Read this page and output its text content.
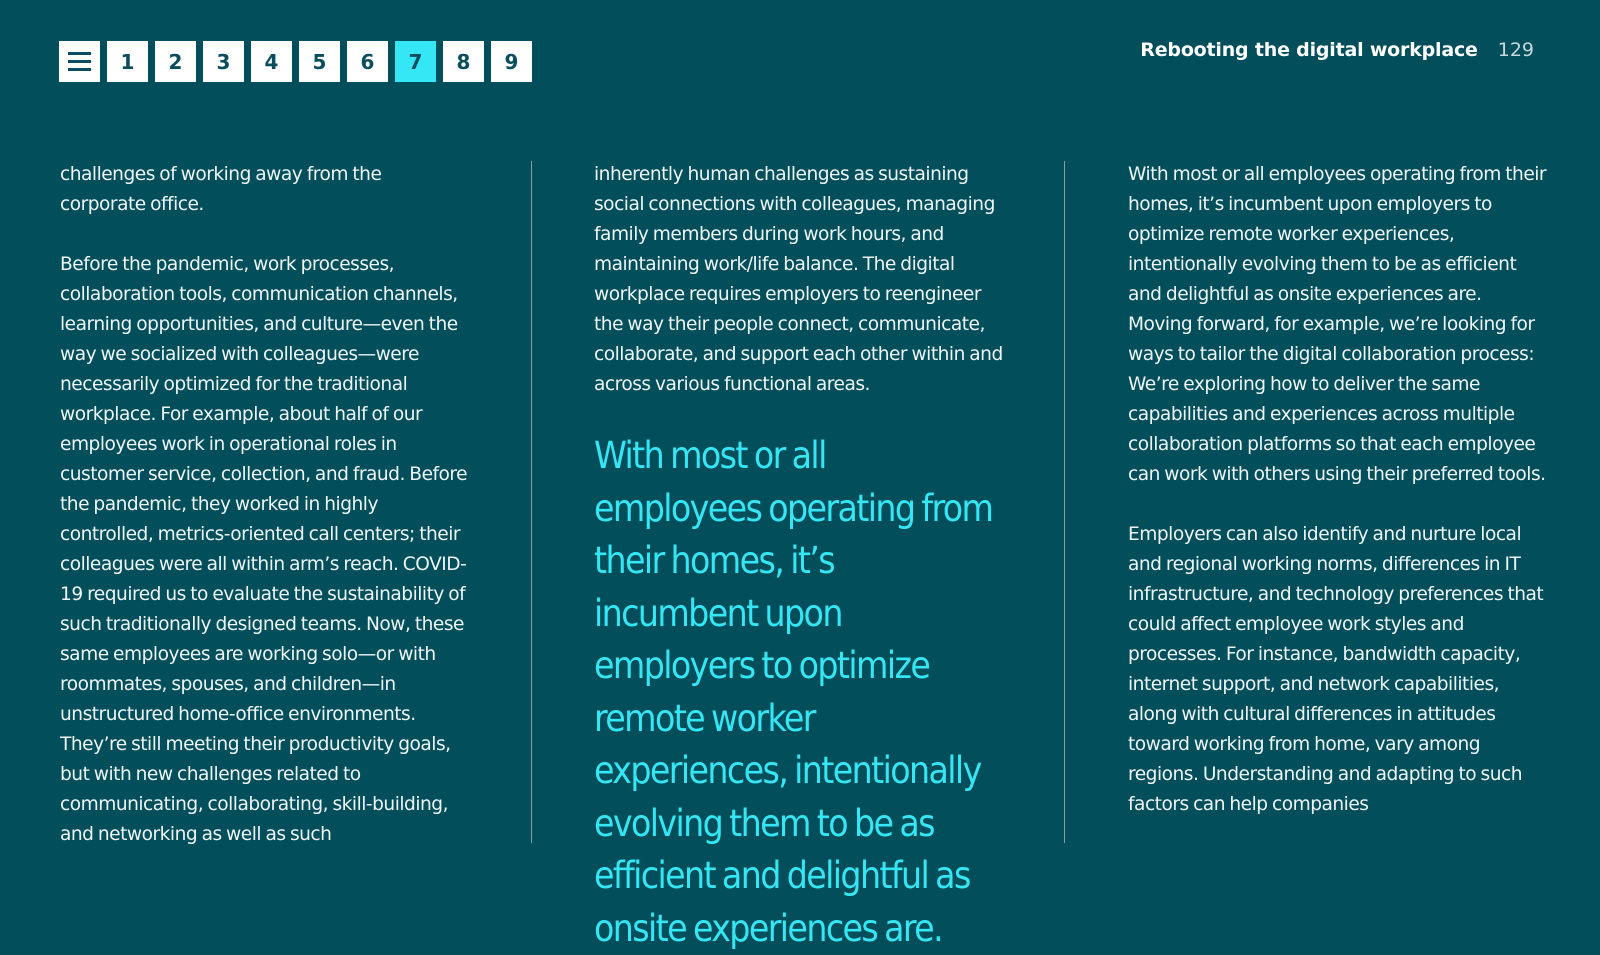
1	2	3	4	5	6	7	8	9	Rebooting the digital workplace 129

challenges of working away from the corporate office.

Before the pandemic, work processes, collaboration tools, communication channels, learning opportunities, and culture—even the way we socialized with colleagues—were necessarily optimized for the traditional workplace. For example, about half of our employees work in operational roles in customer service, collection, and fraud. Before the pandemic, they worked in highly controlled, metrics-oriented call centers; their colleagues were all within arm’s reach. COVID-19 required us to evaluate the sustainability of such traditionally designed teams. Now, these same employees are working solo—or with roommates, spouses, and children—in unstructured home-office environments. They’re still meeting their productivity goals, but with new challenges related to communicating, collaborating, skill-building, and networking as well as such

inherently human challenges as sustaining social connections with colleagues, managing family members during work hours, and maintaining work/life balance. The digital workplace requires employers to reengineer the way their people connect, communicate, collaborate, and support each other within and across various functional areas.

With most or all employees operating from their homes, it’s incumbent upon employers to optimize remote worker experiences, intentionally evolving them to be as efficient and delightful as onsite experiences are.

With most or all employees operating from their homes, it’s incumbent upon employers to optimize remote worker experiences, intentionally evolving them to be as efficient and delightful as onsite experiences are. Moving forward, for example, we’re looking for ways to tailor the digital collaboration process: We’re exploring how to deliver the same capabilities and experiences across multiple collaboration platforms so that each employee can work with others using their preferred tools.

Employers can also identify and nurture local and regional working norms, differences in IT infrastructure, and technology preferences that could affect employee work styles and processes. For instance, bandwidth capacity, internet support, and network capabilities, along with cultural differences in attitudes toward working from home, vary among regions. Understanding and adapting to such factors can help companies
